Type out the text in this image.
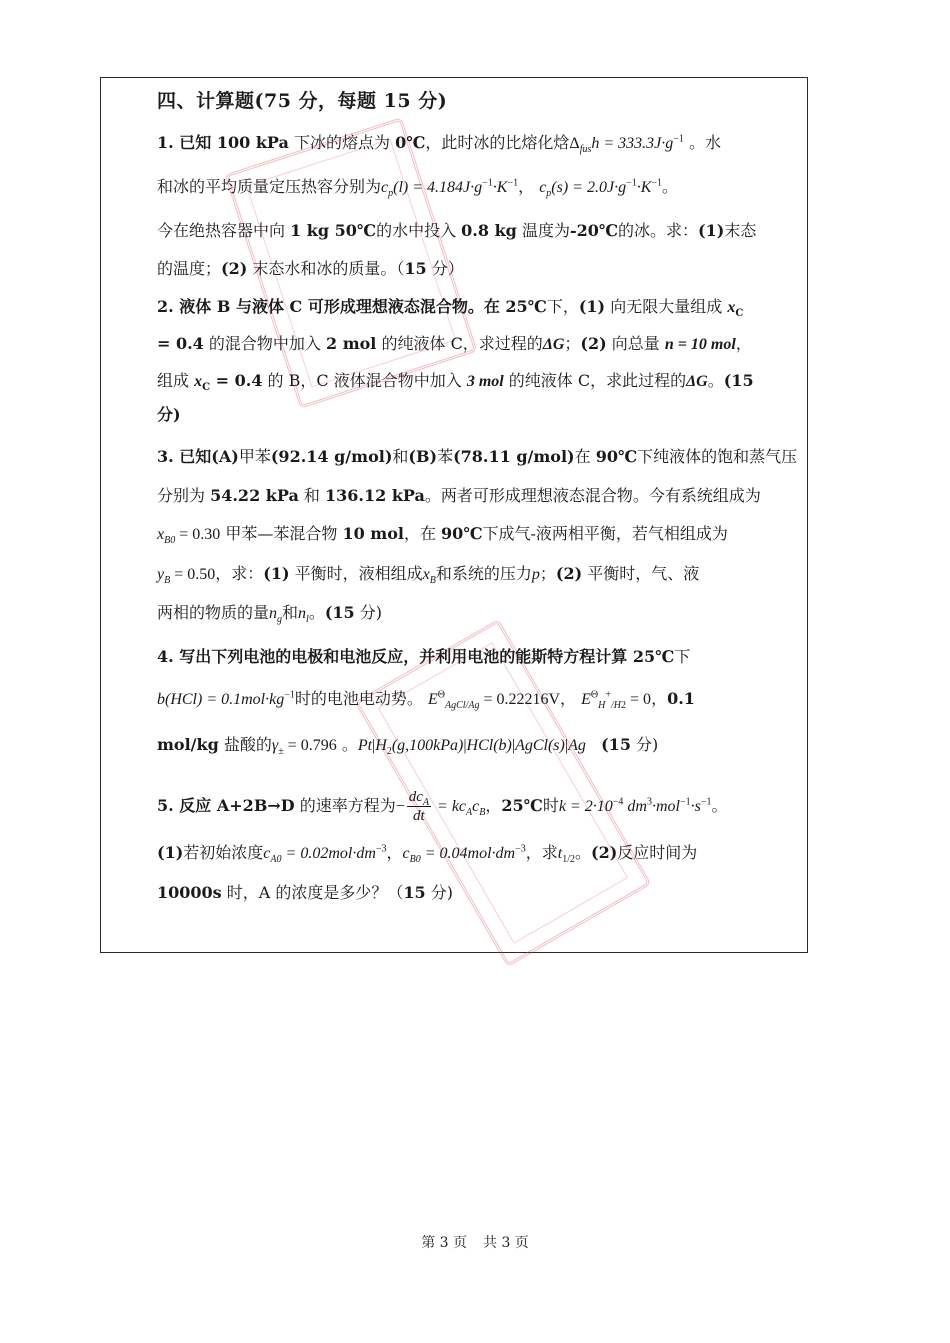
四、计算题(75 分，每题 15 分)
1. 已知 100 kPa 下冰的熔点为 0℃，此时冰的比熔化焓$\Delta_{fus}h = 333.3J\cdot g^{-1}$ 。水
和冰的平均质量定压热容分别为$c_p(l) = 4.184J\cdot g^{-1}\cdot K^{-1}$， $c_p(s) = 2.0J\cdot g^{-1}\cdot K^{-1}$。
今在绝热容器中向 1 kg 50℃的水中投入 0.8 kg 温度为-20℃的冰。求：(1)末态
的温度；(2) 末态水和冰的质量。（15 分）
2. 液体 B 与液体 C 可形成理想液态混合物。在 25℃下，(1) 向无限大量组成 $x_C$
= 0.4 的混合物中加入 2 mol 的纯液体 C，求过程的ΔG；(2) 向总量 n = 10 mol，
组成 $x_C = 0.4$ 的 B，C 液体混合物中加入 3 mol 的纯液体 C，求此过程的ΔG。(15
分)
3. 已知(A)甲苯(92.14 g/mol)和(B)苯(78.11 g/mol)在 90℃下纯液体的饱和蒸气压
分别为 54.22 kPa 和 136.12 kPa。两者可形成理想液态混合物。今有系统组成为
$x_{B0} = 0.30$ 甲苯—苯混合物 10 mol，在 90℃下成气-液两相平衡，若气相组成为
$y_B = 0.50$，求：(1) 平衡时，液相组成$x_B$和系统的压力p；(2) 平衡时，气、液
两相的物质的量$n_g$和$n_l$。(15 分)
4. 写出下列电池的电极和电池反应，并利用电池的能斯特方程计算 25℃下
$b(HCl) = 0.1mol\cdot kg^{-1}$时的电池电动势。 $E^\Theta_{AgCl/Ag} = 0.22216V$， $E^\Theta_H^+_{/H2} = 0$，0.1
mol/kg 盐酸的$\gamma_\pm = 0.796$ 。$Pt|H_2(g,100kPa)|HCl(b)|AgCl(s)|Ag$ (15 分)
5. 反应 A+2B→D 的速率方程为− $\frac{dc_A}{dt} = kc_Ac_B$，25℃时$k = 2\cdot 10^{-4}$ $dm^3\cdot mol^{-1}\cdot s^{-1}$。
(1)若初始浓度$c_{A0} = 0.02mol\cdot dm^{-3}$，$c_{B0} = 0.04mol\cdot dm^{-3}$，求$t_{1/2}$。(2)反应时间为
10000s 时，A 的浓度是多少？（15 分)
第 3 页 共 3 页
